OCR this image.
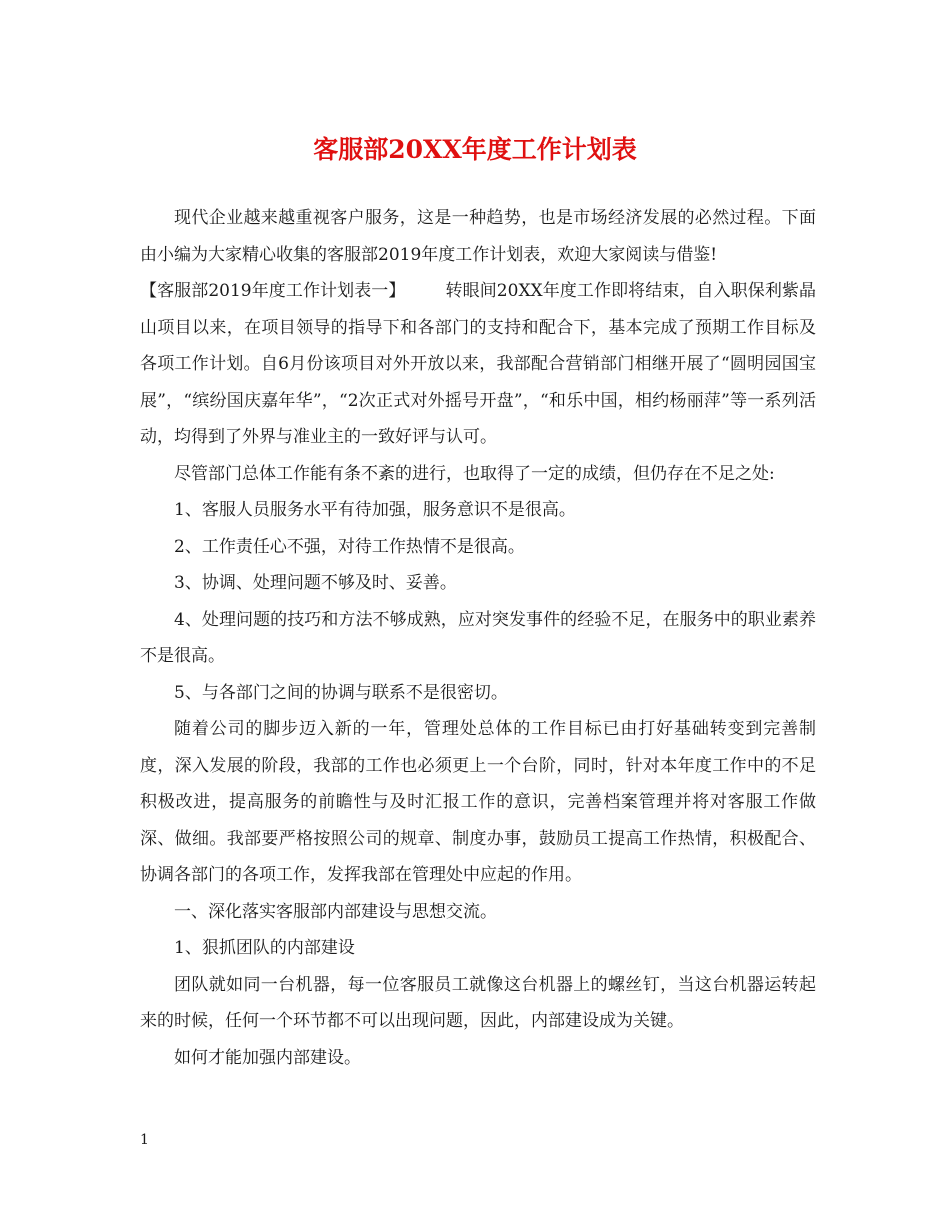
客服部20XX年度工作计划表

现代企业越来越重视客户服务，这是一种趋势，也是市场经济发展的必然过程。下面由小编为大家精心收集的客服部2019年度工作计划表，欢迎大家阅读与借鉴!

【客服部2019年度工作计划表一】 转眼间20XX年度工作即将结束，自入职保利紫晶山项目以来，在项目领导的指导下和各部门的支持和配合下，基本完成了预期工作目标及各项工作计划。自6月份该项目对外开放以来，我部配合营销部门相继开展了“圆明园国宝展”，“缤纷国庆嘉年华”，“2次正式对外摇号开盘”，“和乐中国，相约杨丽萍”等一系列活动，均得到了外界与准业主的一致好评与认可。

尽管部门总体工作能有条不紊的进行，也取得了一定的成绩，但仍存在不足之处:

1、客服人员服务水平有待加强，服务意识不是很高。

2、工作责任心不强，对待工作热情不是很高。

3、协调、处理问题不够及时、妥善。

4、处理问题的技巧和方法不够成熟，应对突发事件的经验不足，在服务中的职业素养不是很高。

5、与各部门之间的协调与联系不是很密切。

随着公司的脚步迈入新的一年，管理处总体的工作目标已由打好基础转变到完善制度，深入发展的阶段，我部的工作也必须更上一个台阶，同时，针对本年度工作中的不足积极改进，提高服务的前瞻性与及时汇报工作的意识，完善档案管理并将对客服工作做深、做细。我部要严格按照公司的规章、制度办事，鼓励员工提高工作热情，积极配合、协调各部门的各项工作，发挥我部在管理处中应起的作用。

一、深化落实客服部内部建设与思想交流。

1、狠抓团队的内部建设

团队就如同一台机器，每一位客服员工就像这台机器上的螺丝钉，当这台机器运转起来的时候，任何一个环节都不可以出现问题，因此，内部建设成为关键。

如何才能加强内部建设。

1
